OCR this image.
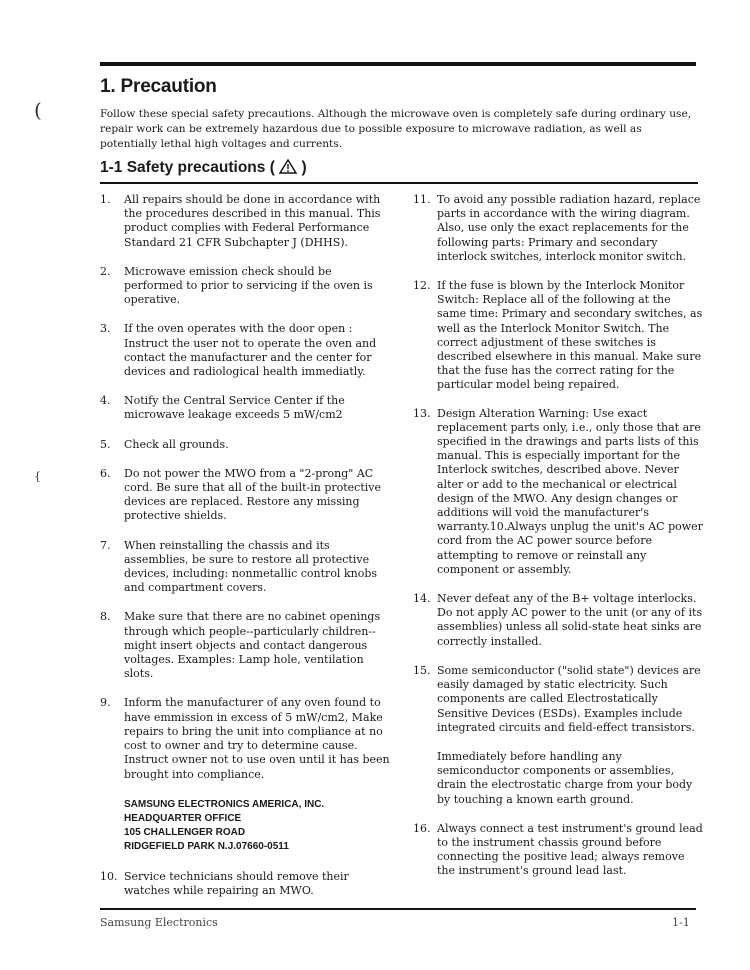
1. Precaution

Follow these special safety precautions. Although the microwave oven is completely safe during ordinary use, repair work can be extremely hazardous due to possible exposure to microwave radiation, as well as potentially lethal high voltages and currents.

1-1 Safety precautions ( )
1. All repairs should be done in accordance with the procedures described in this manual. This product complies with Federal Performance Standard 21 CFR Subchapter J (DHHS).
2. Microwave emission check should be performed to prior to servicing if the oven is operative.
3. If the oven operates with the door open : Instruct the user not to operate the oven and contact the manufacturer and the center for devices and radiological health immediatly.
4. Notify the Central Service Center if the microwave leakage exceeds 5 mW/cm2
5. Check all grounds.
6. Do not power the MWO from a "2-prong" AC cord. Be sure that all of the built-in protective devices are replaced. Restore any missing protective shields.
7. When reinstalling the chassis and its assemblies, be sure to restore all protective devices, including: nonmetallic control knobs and compartment covers.
8. Make sure that there are no cabinet openings through which people--particularly children--might insert objects and contact dangerous voltages. Examples: Lamp hole, ventilation slots.
9. Inform the manufacturer of any oven found to have emmission in excess of 5 mW/cm2, Make repairs to bring the unit into compliance at no cost to owner and try to determine cause. Instruct owner not to use oven until it has been brought into compliance.
SAMSUNG ELECTRONICS AMERICA, INC.
HEADQUARTER OFFICE
105 CHALLENGER ROAD
RIDGEFIELD PARK N.J.07660-0511
10. Service technicians should remove their watches while repairing an MWO.
11. To avoid any possible radiation hazard, replace parts in accordance with the wiring diagram. Also, use only the exact replacements for the following parts: Primary and secondary interlock switches, interlock monitor switch.
12. If the fuse is blown by the Interlock Monitor Switch: Replace all of the following at the same time: Primary and secondary switches, as well as the Interlock Monitor Switch. The correct adjustment of these switches is described elsewhere in this manual. Make sure that the fuse has the correct rating for the particular model being repaired.
13. Design Alteration Warning: Use exact replacement parts only, i.e., only those that are specified in the drawings and parts lists of this manual. This is especially important for the Interlock switches, described above. Never alter or add to the mechanical or electrical design of the MWO. Any design changes or additions will void the manufacturer's warranty.10.Always unplug the unit's AC power cord from the AC power source before attempting to remove or reinstall any component or assembly.
14. Never defeat any of the B+ voltage interlocks. Do not apply AC power to the unit (or any of its assemblies) unless all solid-state heat sinks are correctly installed.
15. Some semiconductor ("solid state") devices are easily damaged by static electricity. Such components are called Electrostatically Sensitive Devices (ESDs). Examples include integrated circuits and field-effect transistors.
Immediately before handling any semiconductor components or assemblies, drain the electrostatic charge from your body by touching a known earth ground.
16. Always connect a test instrument's ground lead to the instrument chassis ground before connecting the positive lead; always remove the instrument's ground lead last.
Samsung Electronics	1-1
(
{
